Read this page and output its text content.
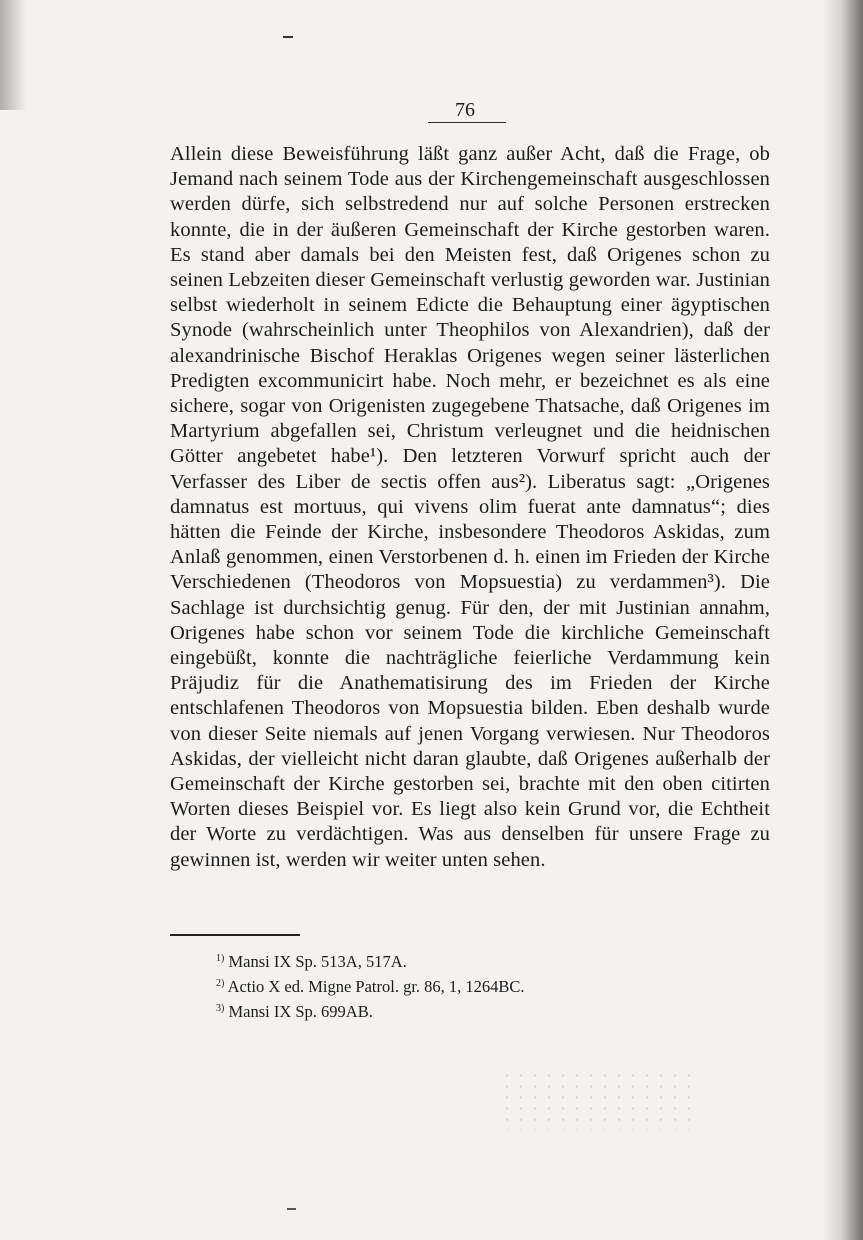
76

Allein diese Beweisführung läßt ganz außer Acht, daß die Frage, ob Jemand nach seinem Tode aus der Kirchengemeinschaft ausgeschlossen werden dürfe, sich selbstredend nur auf solche Personen erstrecken konnte, die in der äußeren Gemeinschaft der Kirche gestorben waren. Es stand aber damals bei den Meisten fest, daß Origenes schon zu seinen Lebzeiten dieser Gemeinschaft verlustig geworden war. Justinian selbst wiederholt in seinem Edicte die Behauptung einer ägyptischen Synode (wahrscheinlich unter Theophilos von Alexandrien), daß der alexandrinische Bischof Heraklas Origenes wegen seiner lästerlichen Predigten excommunicirt habe. Noch mehr, er bezeichnet es als eine sichere, sogar von Origenisten zugegebene Thatsache, daß Origenes im Martyrium abgefallen sei, Christum verleugnet und die heidnischen Götter angebetet habe¹). Den letzteren Vorwurf spricht auch der Verfasser des Liber de sectis offen aus²). Liberatus sagt: „Origenes damnatus est mortuus, qui vivens olim fuerat ante damnatus“; dies hätten die Feinde der Kirche, insbesondere Theodoros Askidas, zum Anlaß genommen, einen Verstorbenen d. h. einen im Frieden der Kirche Verschiedenen (Theodoros von Mopsuestia) zu verdammen³). Die Sachlage ist durchsichtig genug. Für den, der mit Justinian annahm, Origenes habe schon vor seinem Tode die kirchliche Gemeinschaft eingebüßt, konnte die nachträgliche feierliche Verdammung kein Präjudiz für die Anathematisirung des im Frieden der Kirche entschlafenen Theodoros von Mopsuestia bilden. Eben deshalb wurde von dieser Seite niemals auf jenen Vorgang verwiesen. Nur Theodoros Askidas, der vielleicht nicht daran glaubte, daß Origenes außerhalb der Gemeinschaft der Kirche gestorben sei, brachte mit den oben citirten Worten dieses Beispiel vor. Es liegt also kein Grund vor, die Echtheit der Worte zu verdächtigen. Was aus denselben für unsere Frage zu gewinnen ist, werden wir weiter unten sehen.

$^{1)}$ Mansi IX Sp. 513A, 517A.
$^{2)}$ Actio X ed. Migne Patrol. gr. 86, 1, 1264BC.
$^{3)}$ Mansi IX Sp. 699AB.
